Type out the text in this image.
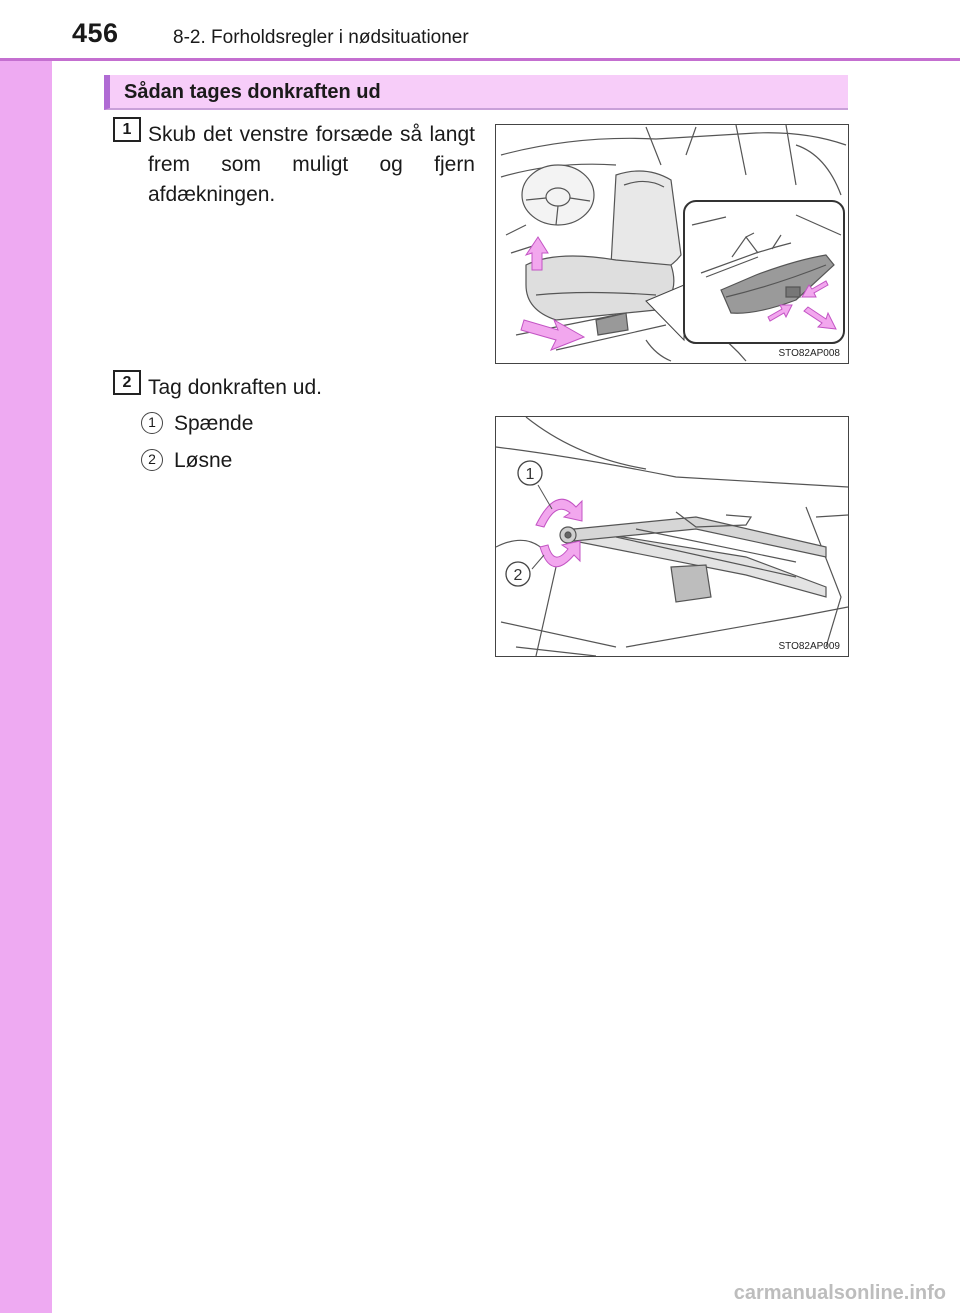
456	8-2. Forholdsregler i nødsituationer
Sådan tages donkraften ud
1 Skub det venstre forsæde så langt frem som muligt og fjern afdækningen.
STO82AP008
2 Tag donkraften ud.
1 Spænde
2 Løsne
1
2
STO82AP009
carmanualsonline.info
